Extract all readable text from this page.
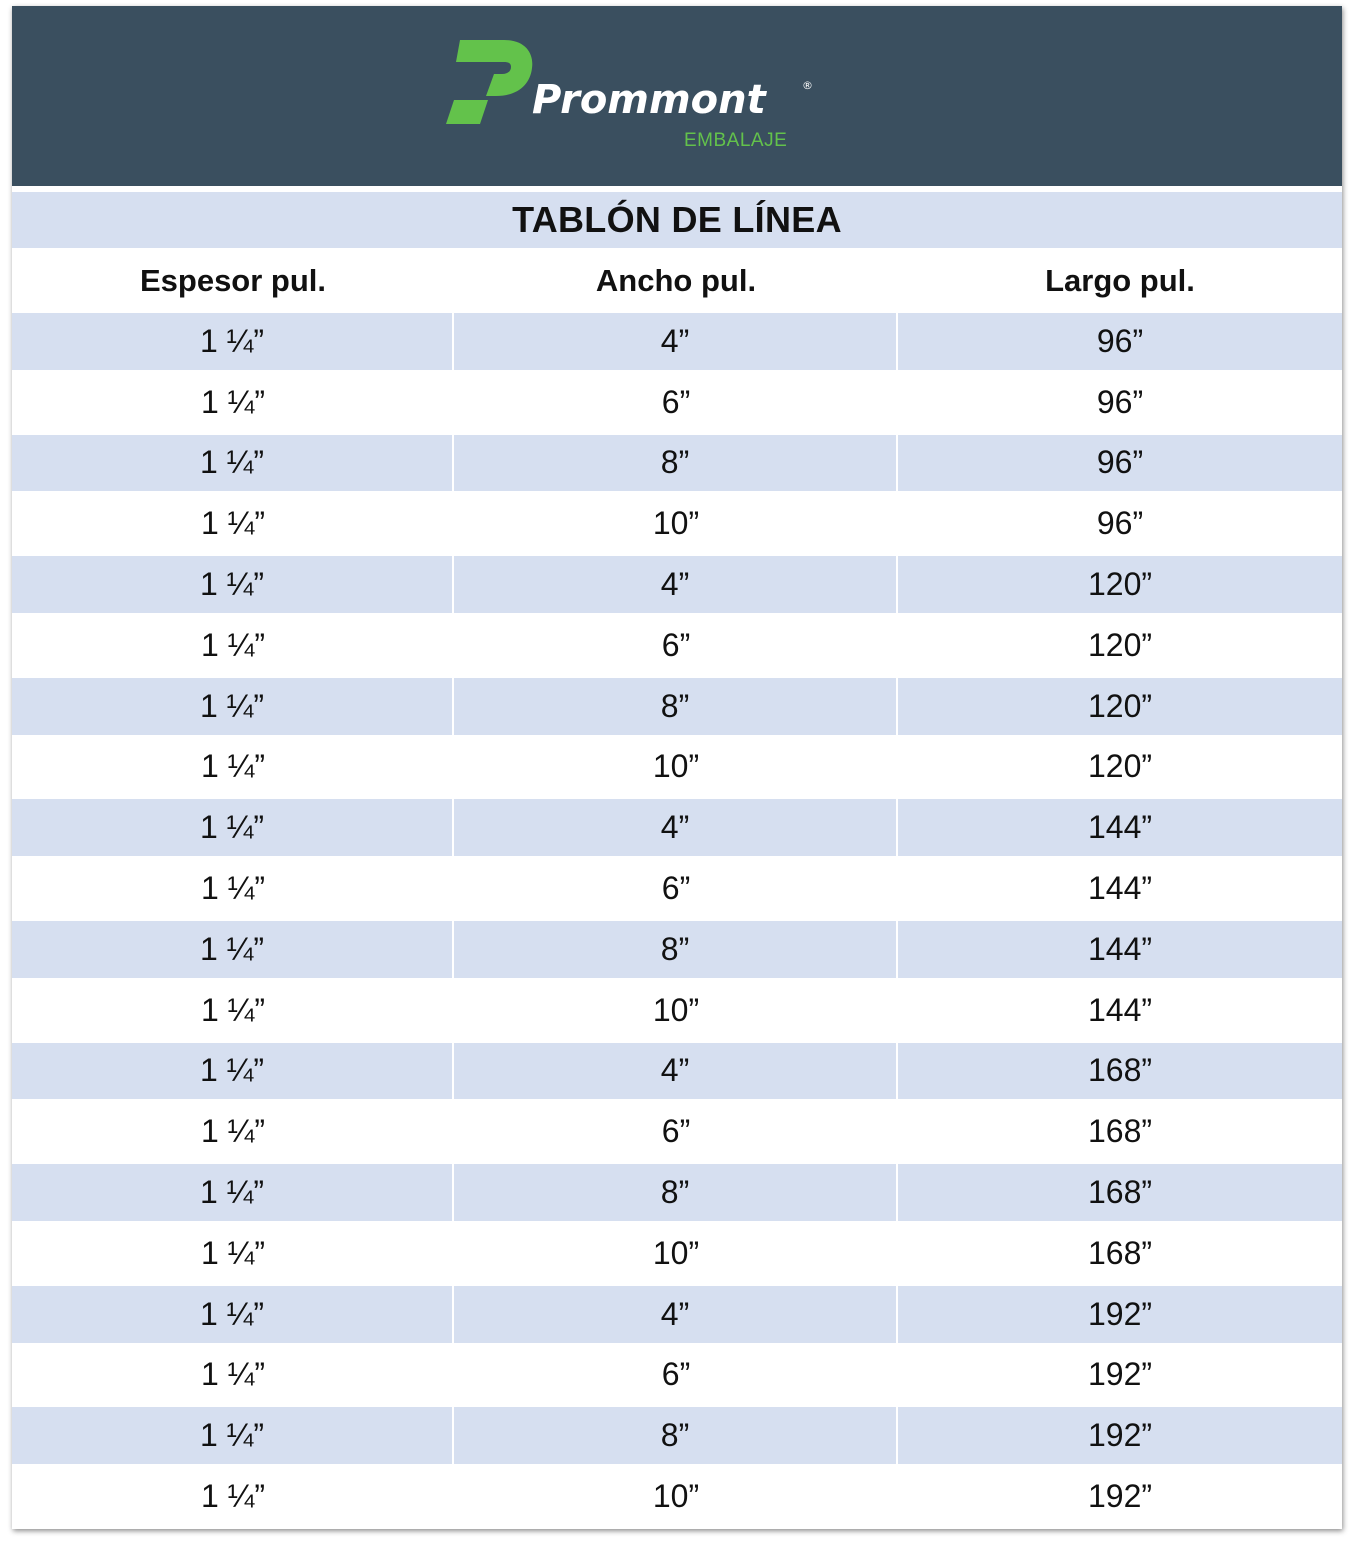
Prommont	®
EMBALAJE
TABLÓN DE LÍNEA
Espesor pul.	Ancho pul.	Largo pul.
1 ¼”	4”	96”
1 ¼”	6”	96”
1 ¼”	8”	96”
1 ¼”	10”	96”
1 ¼”	4”	120”
1 ¼”	6”	120”
1 ¼”	8”	120”
1 ¼”	10”	120”
1 ¼”	4”	144”
1 ¼”	6”	144”
1 ¼”	8”	144”
1 ¼”	10”	144”
1 ¼”	4”	168”
1 ¼”	6”	168”
1 ¼”	8”	168”
1 ¼”	10”	168”
1 ¼”	4”	192”
1 ¼”	6”	192”
1 ¼”	8”	192”
1 ¼”	10”	192”
